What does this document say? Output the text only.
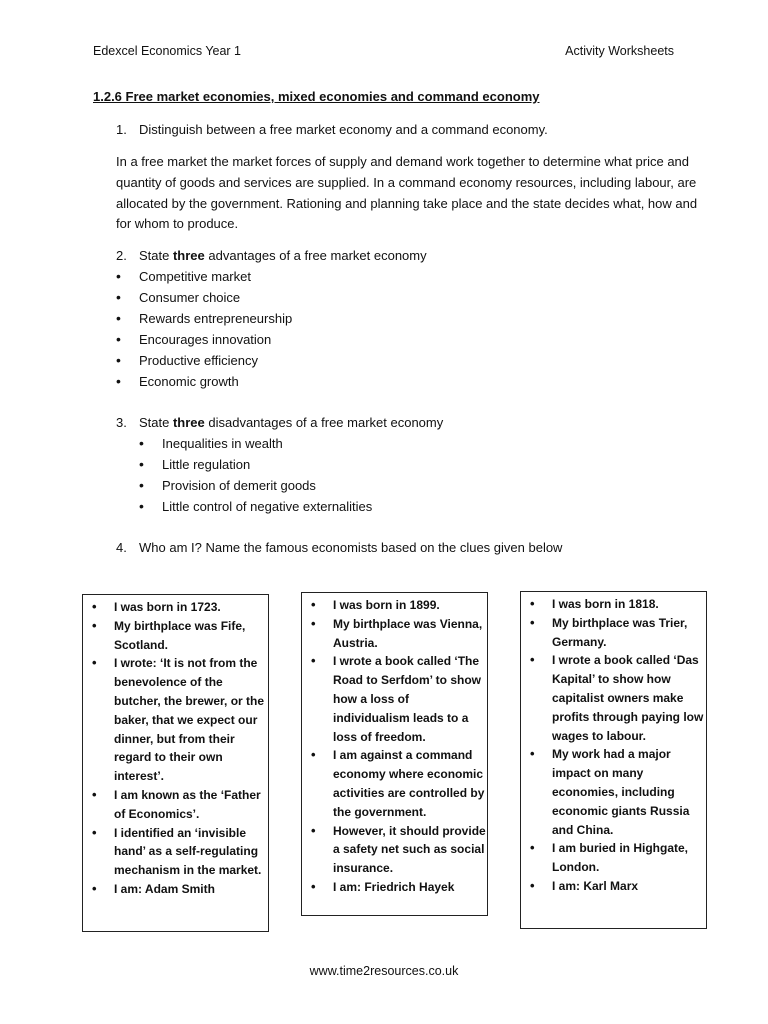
Edexcel Economics Year 1	Activity Worksheets
1.2.6 Free market economies, mixed economies and command economy
1. Distinguish between a free market economy and a command economy.
In a free market the market forces of supply and demand work together to determine what price and quantity of goods and services are supplied. In a command economy resources, including labour, are allocated by the government. Rationing and planning take place and the state decides what, how and for whom to produce.
2. State three advantages of a free market economy
• Competitive market
• Consumer choice
• Rewards entrepreneurship
• Encourages innovation
• Productive efficiency
• Economic growth
3. State three disadvantages of a free market economy
• Inequalities in wealth
• Little regulation
• Provision of demerit goods
• Little control of negative externalities
4. Who am I? Name the famous economists based on the clues given below
• I was born in 1723.
• My birthplace was Fife, Scotland.
• I wrote: ‘It is not from the benevolence of the butcher, the brewer, or the baker, that we expect our dinner, but from their regard to their own interest’.
• I am known as the ‘Father of Economics’.
• I identified an ‘invisible hand’ as a self-regulating mechanism in the market.
• I am: Adam Smith
• I was born in 1899.
• My birthplace was Vienna, Austria.
• I wrote a book called ‘The Road to Serfdom’ to show how a loss of individualism leads to a loss of freedom.
• I am against a command economy where economic activities are controlled by the government.
• However, it should provide a safety net such as social insurance.
• I am: Friedrich Hayek
• I was born in 1818.
• My birthplace was Trier, Germany.
• I wrote a book called ‘Das Kapital’ to show how capitalist owners make profits through paying low wages to labour.
• My work had a major impact on many economies, including economic giants Russia and China.
• I am buried in Highgate, London.
• I am: Karl Marx
www.time2resources.co.uk
